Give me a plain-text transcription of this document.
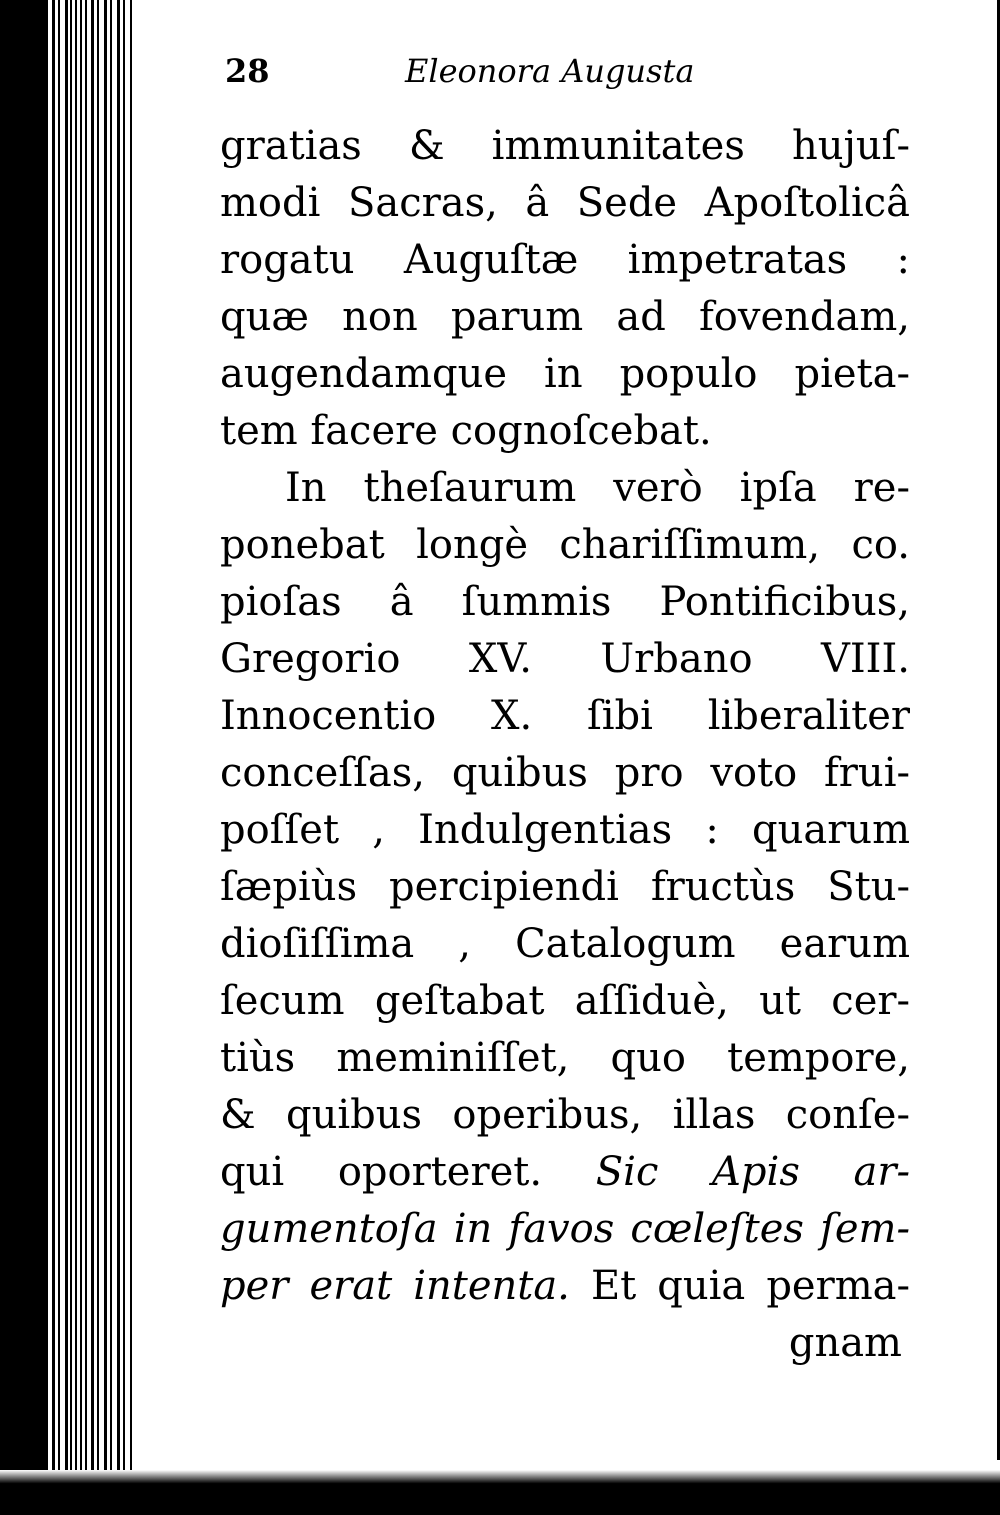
28	Eleonora Augusta
gratias & immunitates hujuſ-
modi Sacras, â Sede Apoſtolicâ
rogatu Auguſtæ impetratas :
quæ non parum ad fovendam,
augendamque in populo pieta-
tem facere cognoſcebat.
In theſaurum verò ipſa re-
ponebat longè chariſſimum, co.
pioſas â ſummis Pontificibus,
Gregorio XV. Urbano VIII.
Innocentio X. ſibi liberaliter
conceſſas, quibus pro voto frui-
poſſet , Indulgentias : quarum
ſæpiùs percipiendi fructùs Stu-
dioſiſſima , Catalogum earum
ſecum geſtabat aſſiduè, ut cer-
tiùs meminiſſet, quo tempore,
& quibus operibus, illas conſe-
qui oporteret. Sic Apis ar-
gumentoſa in favos cœleſtes ſem-
per erat intenta. Et quia perma-
gnam
